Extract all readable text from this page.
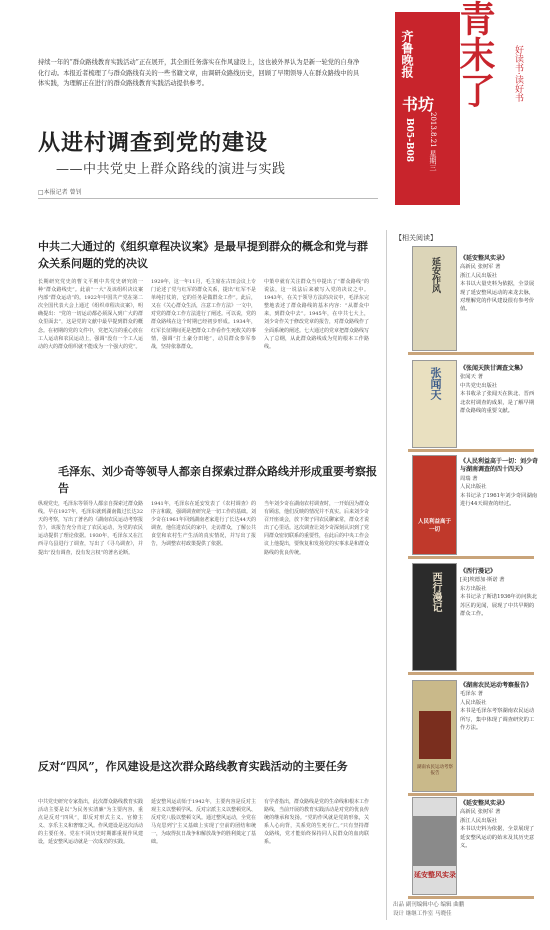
持续一年的“群众路线教育实践活动”正在展开，其全面任务落实在作风建设上，这也被外界认为是新一轮党的自身净化行动。本报近者梳理了与群众路线有关的一些书籍文章，由调研众路线历史，回顾了早期领导人在群众路线中的具体实践，为理解正在进行的群众路线教育实践活动提供参考。
从进村调查到党的建设
——中共党史上群众路线的演进与实践
□本报记者 曾钊
中共二大通过的《组织章程决议案》是最早提到群众的概念和党与群众关系问题的党的决议
长期研究党史的曹文平则中共党史研究的一种“群众路线史”。此前“一大”及该组织决议案内部“群众运动”的。1922年中国共产党在第二次全国代表大会上通过《组织章程决议案》，明确提出：“党的一切运动都必须深入到广大的群众里面去”，这是党的文献中最早提到群众的概念。在初期的党的文件中，党把关注的重心放在工人运动和农民运动上，强调“没有一个工人运动的大的群众组织就不能成为一个强大的党”。
1929年，这一年11月，毛主席在古田会议上专门论述了党与红军的群众关系，提出“红军不是单纯打仗的，它的任务是做群众工作”。此后，又在《关心群众生活，注意工作方法》一文中，对党的群众工作方法进行了阐述。可以说，党的群众路线在这个时期已经初步形成。1934年，红军长征期间更是把群众工作看作生死攸关的事情，强调“打土豪分田地”，动员群众参军参战，坚持依靠群众。
中策中就有关注群众当中提出了“群众路线”的说法，这一说法后来被写入党的决议之中。1943年，在关于领导方法的决议中，毛泽东完整地表述了群众路线的基本内容：“从群众中来，到群众中去”。1945年，在中共七大上，刘少奇作关于修改党章的报告，对群众路线作了全面系统的阐述。七大通过的党章把群众路线写入了总纲，从此群众路线成为党的根本工作路线。
毛泽东、刘少奇等领导人都亲自探索过群众路线并形成重要考察报告
纵观党史，毛泽东等领导人都亲自探索过群众路线。早在1927年，毛泽东就到湖南做过长达32天的考察，写出了著名的《湖南农民运动考察报告》，该报告充分肯定了农民运动，为党的农民运动提供了理论依据。1930年，毛泽东又在江西寻乌县进行了调查，写出了《寻乌调查》，并提出“没有调查，没有发言权”的著名论断。
1941年，毛泽东在延安发表了《农村调查》的序言和跋，强调调查研究是一切工作的基础。刘少奇在1961年回到湖南老家进行了长达44天的调查，他住进农民的家中，走访群众，了解公共食堂和农村生产生活的真实情况，并写出了报告，为调整农村政策提供了依据。
当年刘少奇在湖南农村调查时，一开始因为群众有顾虑，他们反映的情况并不真实。后来刘少奇召开座谈会，放下架子同农民聊家常，群众才说出了心里话。这次调查让刘少奇深刻认识到了党同群众密切联系的重要性，在此后的中央工作会议上他提出，要恢复和发扬党的实事求是和群众路线的优良传统。
反对“四风”，作风建设是这次群众路线教育实践活动的主要任务
中共党史研究专家指出，此次群众路线教育实践活动主要是以“为民务实清廉”为主要内容，重点是反对“四风”，即反对形式主义、官僚主义、享乐主义和奢靡之风。作风建设是这次活动的主要任务。党在不同历史时期都重视作风建设，延安整风运动就是一次成功的实践。
延安整风运动始于1942年，主要内容是反对主观主义以整顿学风、反对宗派主义以整顿党风、反对党八股以整顿文风。通过整风运动，全党在马克思列宁主义基础上实现了空前的团结和统一，为取得抗日战争和解放战争的胜利奠定了基础。
有学者指出，群众路线是党的生命线和根本工作路线，当前开展的教育实践活动是对党的优良传统的继承和发扬。“党的作风就是党的形象，关系人心向背，关系党的生死存亡。”只有坚持群众路线，党才能始终保持同人民群众的血肉联系。
齐鲁晚报 青末了
书坊
2013.8.21 星期三
B05-B08
好读书·读好书
【相关阅读】
延安作风	《延安整风实录》
高新民 张树军 著
浙江人民出版社
本书以大量史料为依据，全景展现了延安整风运动的来龙去脉，对理解党的作风建设很有参考价值。
张闻天	《张闻天陕甘调查文集》
张闻天 著
中共党史出版社
本书收录了张闻天在陕北、晋西北农村调查的成果，是了解早期群众路线的重要文献。
人民利益高于一切
《人民利益高于一切：刘少奇与湖南调查的四十四天》
周瑞 著
人民出版社
本书记录了1961年刘少奇回湖南进行44天调查的经过。
西行漫记
《西行漫记》
[美]埃德加·斯诺 著
东方出版社
本书记录了斯诺1936年访问陕北苏区的见闻，展现了中共早期的群众工作。
湖南农民运动考察报告
《湖南农民运动考察报告》
毛泽东 著
人民出版社
本书是毛泽东考察湖南农民运动所写，集中体现了调查研究的工作方法。
延安整风实录
《延安整风实录》
高新民 张树军 著
浙江人民出版社
本书以史料为依据，全景展现了延安整风运动的始末及其历史意义。
出品 副刊编辑中心 编辑 曲鹏
设计 继继工作室 马晓佳
